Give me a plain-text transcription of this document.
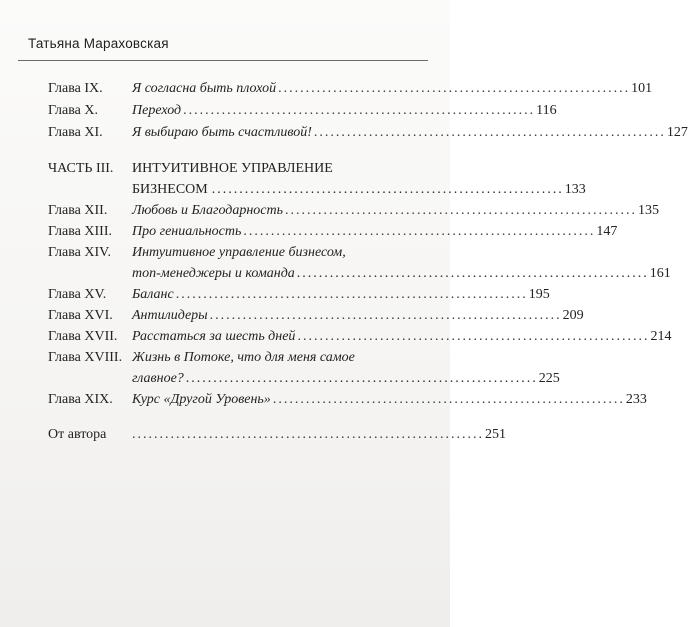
Татьяна Мараховская
Глава IX. Я согласна быть плохой ................................................................ 101
Глава X. Переход ................................................................ 116
Глава XI. Я выбираю быть счастливой! ................................................................ 127
ЧАСТЬ III. ИНТУИТИВНОЕ УПРАВЛЕНИЕ
БИЗНЕСОМ ................................................................ 133
Глава XII. Любовь и Благодарность ................................................................ 135
Глава XIII. Про гениальность ................................................................ 147
Глава XIV. Интуитивное управление бизнесом,
топ-менеджеры и команда ................................................................ 161
Глава XV. Баланс ................................................................ 195
Глава XVI. Антилидеры ................................................................ 209
Глава XVII. Расстаться за шесть дней ................................................................ 214
Глава XVIII. Жизнь в Потоке, что для меня самое
главное? ................................................................ 225
Глава XIX. Курс «Другой Уровень» ................................................................ 233
От автора ................................................................ 251
